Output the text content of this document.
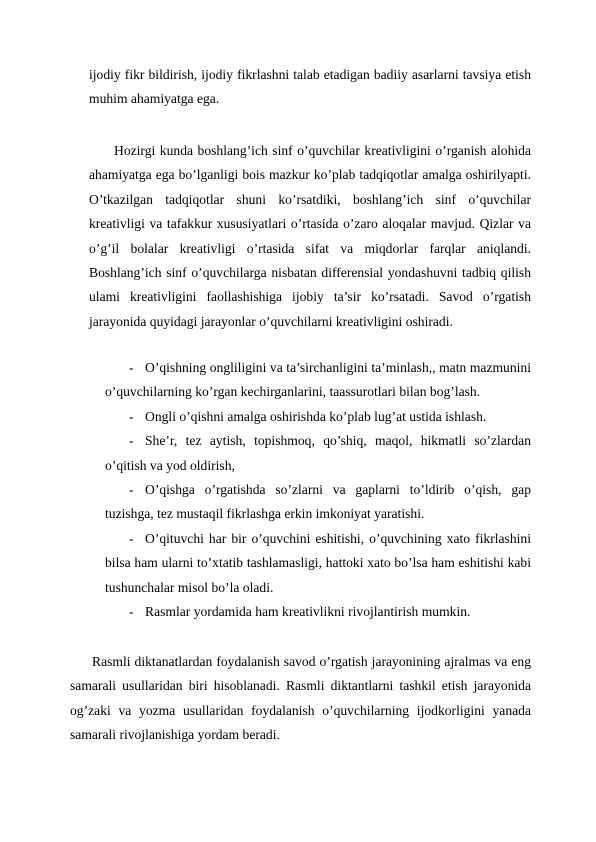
ijodiy fikr bildirish, ijodiy fikrlashni talab etadigan badiiy asarlarni tavsiya etish muhim ahamiyatga ega.

Hozirgi kunda boshlang’ich sinf o’quvchilar kreativligini o’rganish alohida ahamiyatga ega bo’lganligi bois mazkur ko’plab tadqiqotlar amalga oshirilyapti. O’tkazilgan tadqiqotlar shuni ko’rsatdiki, boshlang’ich sinf o’quvchilar kreativligi va tafakkur xususiyatlari o’rtasida o’zaro aloqalar mavjud. Qizlar va o’g’il bolalar kreativligi o’rtasida sifat va miqdorlar farqlar aniqlandi. Boshlang’ich sinf o’quvchilarga nisbatan differensial yondashuvni tadbiq qilish ulami kreativligini faollashishiga ijobiy ta’sir ko’rsatadi. Savod o’rgatish jarayonida quyidagi jarayonlar o’quvchilarni kreativligini oshiradi.

- O’qishning ongliligini va ta’sirchanligini ta’minlash,, matn mazmunini o’quvchilarning ko’rgan kechirganlarini, taassurotlari bilan bog’lash.

- Ongli o’qishni amalga oshirishda ko’plab lug’at ustida ishlash.

- She’r, tez aytish, topishmoq, qo’shiq, maqol, hikmatli so’zlardan o’qitish va yod oldirish,

- O’qishga o’rgatishda so’zlarni va gaplarni to’ldirib o’qish, gap tuzishga, tez mustaqil fikrlashga erkin imkoniyat yaratishi.

- O’qituvchi har bir o’quvchini eshitishi, o’quvchining xato fikrlashini bilsa ham ularni to’xtatib tashlamasligi, hattoki xato bo’lsa ham eshitishi kabi tushunchalar misol bo’la oladi.

- Rasmlar yordamida ham kreativlikni rivojlantirish mumkin.

Rasmli diktanatlardan foydalanish savod o’rgatish jarayonining ajralmas va eng samarali usullaridan biri hisoblanadi. Rasmli diktantlarni tashkil etish jarayonida og’zaki va yozma usullaridan foydalanish o’quvchilarning ijodkorligini yanada samarali rivojlanishiga yordam beradi.
